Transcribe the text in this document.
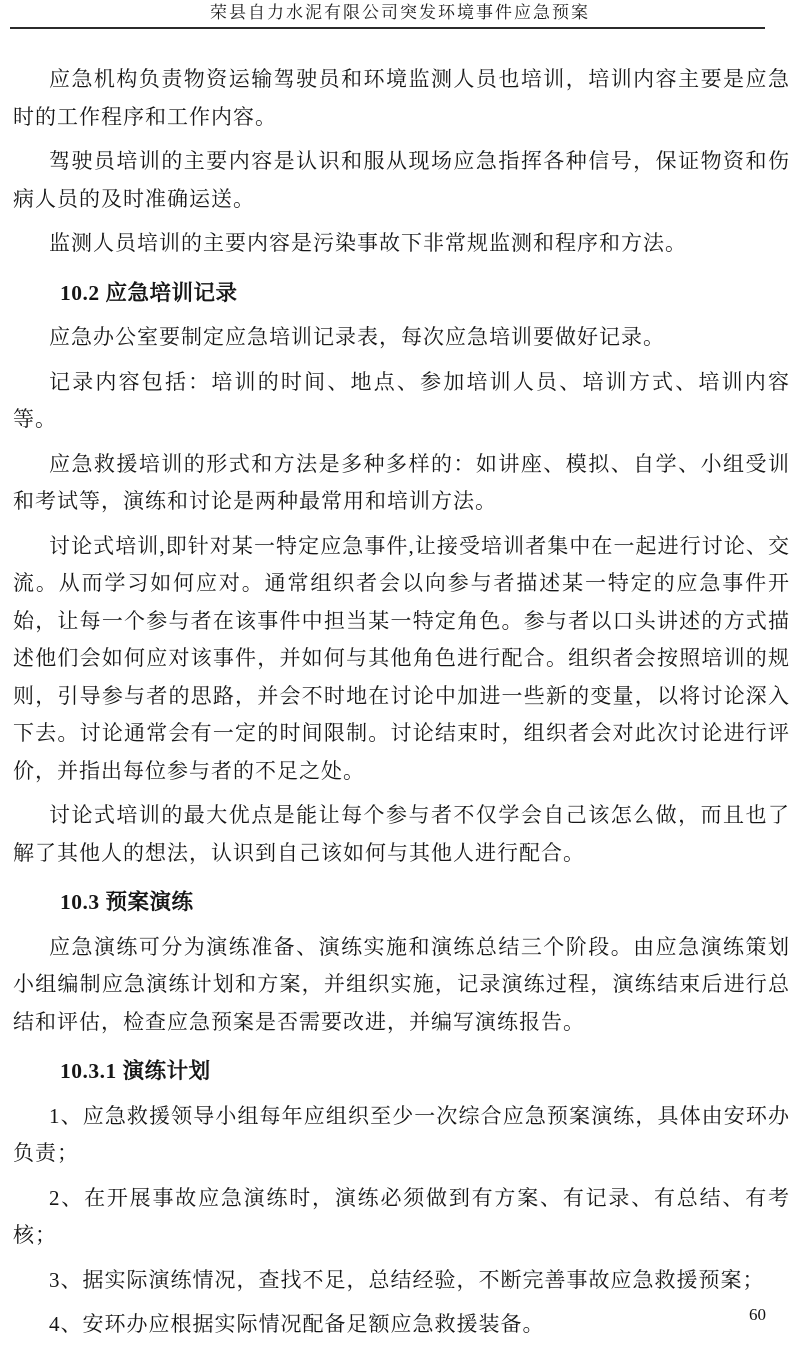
荣县自力水泥有限公司突发环境事件应急预案

应急机构负责物资运输驾驶员和环境监测人员也培训，培训内容主要是应急时的工作程序和工作内容。

驾驶员培训的主要内容是认识和服从现场应急指挥各种信号，保证物资和伤病人员的及时准确运送。

监测人员培训的主要内容是污染事故下非常规监测和程序和方法。

10.2 应急培训记录

应急办公室要制定应急培训记录表，每次应急培训要做好记录。

记录内容包括：培训的时间、地点、参加培训人员、培训方式、培训内容等。

应急救援培训的形式和方法是多种多样的：如讲座、模拟、自学、小组受训和考试等，演练和讨论是两种最常用和培训方法。

讨论式培训,即针对某一特定应急事件,让接受培训者集中在一起进行讨论、交流。从而学习如何应对。通常组织者会以向参与者描述某一特定的应急事件开始，让每一个参与者在该事件中担当某一特定角色。参与者以口头讲述的方式描述他们会如何应对该事件，并如何与其他角色进行配合。组织者会按照培训的规则，引导参与者的思路，并会不时地在讨论中加进一些新的变量，以将讨论深入下去。讨论通常会有一定的时间限制。讨论结束时，组织者会对此次讨论进行评价，并指出每位参与者的不足之处。

讨论式培训的最大优点是能让每个参与者不仅学会自己该怎么做，而且也了解了其他人的想法，认识到自己该如何与其他人进行配合。

10.3 预案演练

应急演练可分为演练准备、演练实施和演练总结三个阶段。由应急演练策划小组编制应急演练计划和方案，并组织实施，记录演练过程，演练结束后进行总结和评估，检查应急预案是否需要改进，并编写演练报告。

10.3.1 演练计划

1、应急救援领导小组每年应组织至少一次综合应急预案演练，具体由安环办负责；

2、在开展事故应急演练时，演练必须做到有方案、有记录、有总结、有考核；

3、据实际演练情况，查找不足，总结经验，不断完善事故应急救援预案；

4、安环办应根据实际情况配备足额应急救援装备。	60
